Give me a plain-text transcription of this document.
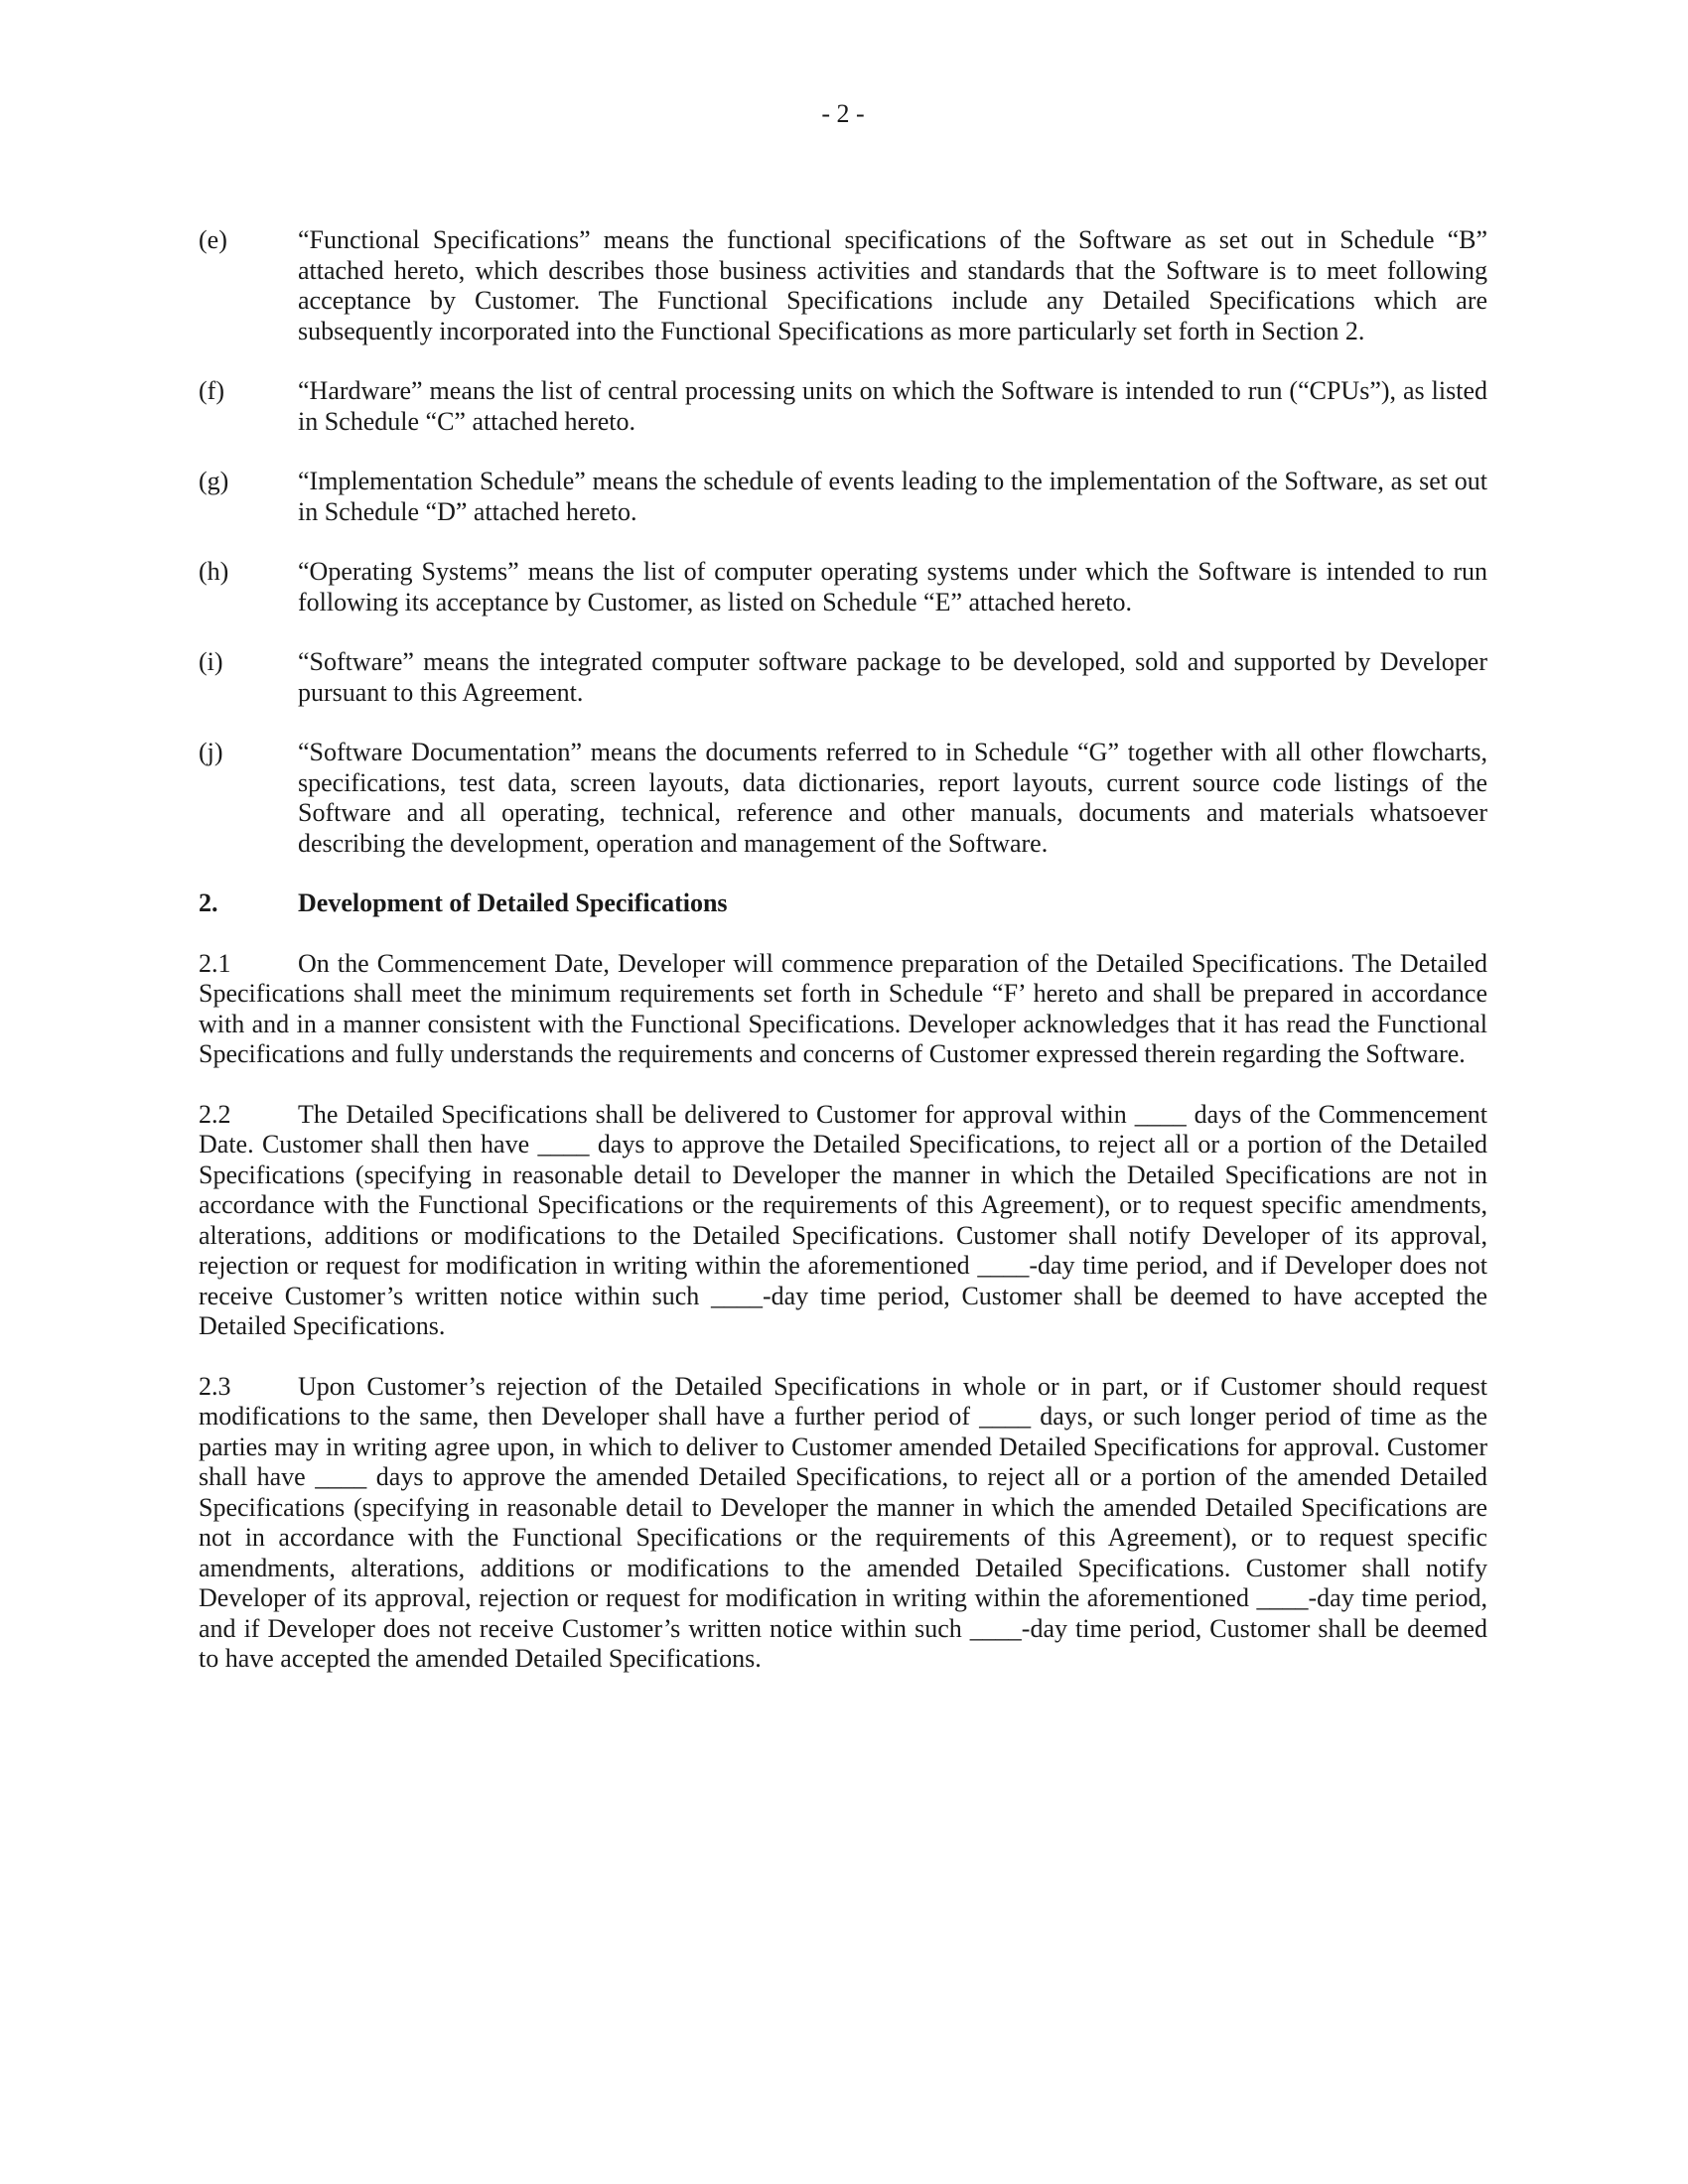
- 2 -
(e)	“Functional Specifications” means the functional specifications of the Software as set out in Schedule “B” attached hereto, which describes those business activities and standards that the Software is to meet following acceptance by Customer. The Functional Specifications include any Detailed Specifications which are subsequently incorporated into the Functional Specifications as more particularly set forth in Section 2.
(f)	“Hardware” means the list of central processing units on which the Software is intended to run (“CPUs”), as listed in Schedule “C” attached hereto.
(g)	“Implementation Schedule” means the schedule of events leading to the implementation of the Software, as set out in Schedule “D” attached hereto.
(h)	“Operating Systems” means the list of computer operating systems under which the Software is intended to run following its acceptance by Customer, as listed on Schedule “E” attached hereto.
(i)	“Software” means the integrated computer software package to be developed, sold and supported by Developer pursuant to this Agreement.
(j)	“Software Documentation” means the documents referred to in Schedule “G” together with all other flowcharts, specifications, test data, screen layouts, data dictionaries, report layouts, current source code listings of the Software and all operating, technical, reference and other manuals, documents and materials whatsoever describing the development, operation and management of the Software.
2.	Development of Detailed Specifications

2.1	On the Commencement Date, Developer will commence preparation of the Detailed Specifications. The Detailed Specifications shall meet the minimum requirements set forth in Schedule “F’ hereto and shall be prepared in accordance with and in a manner consistent with the Functional Specifications. Developer acknowledges that it has read the Functional Specifications and fully understands the requirements and concerns of Customer expressed therein regarding the Software.

2.2	The Detailed Specifications shall be delivered to Customer for approval within ____ days of the Commencement Date. Customer shall then have ____ days to approve the Detailed Specifications, to reject all or a portion of the Detailed Specifications (specifying in reasonable detail to Developer the manner in which the Detailed Specifications are not in accordance with the Functional Specifications or the requirements of this Agreement), or to request specific amendments, alterations, additions or modifications to the Detailed Specifications. Customer shall notify Developer of its approval, rejection or request for modification in writing within the aforementioned ____-day time period, and if Developer does not receive Customer’s written notice within such ____-day time period, Customer shall be deemed to have accepted the Detailed Specifications.

2.3	Upon Customer’s rejection of the Detailed Specifications in whole or in part, or if Customer should request modifications to the same, then Developer shall have a further period of ____ days, or such longer period of time as the parties may in writing agree upon, in which to deliver to Customer amended Detailed Specifications for approval. Customer shall have ____ days to approve the amended Detailed Specifications, to reject all or a portion of the amended Detailed Specifications (specifying in reasonable detail to Developer the manner in which the amended Detailed Specifications are not in accordance with the Functional Specifications or the requirements of this Agreement), or to request specific amendments, alterations, additions or modifications to the amended Detailed Specifications. Customer shall notify Developer of its approval, rejection or request for modification in writing within the aforementioned ____-day time period, and if Developer does not receive Customer’s written notice within such ____-day time period, Customer shall be deemed to have accepted the amended Detailed Specifications.
